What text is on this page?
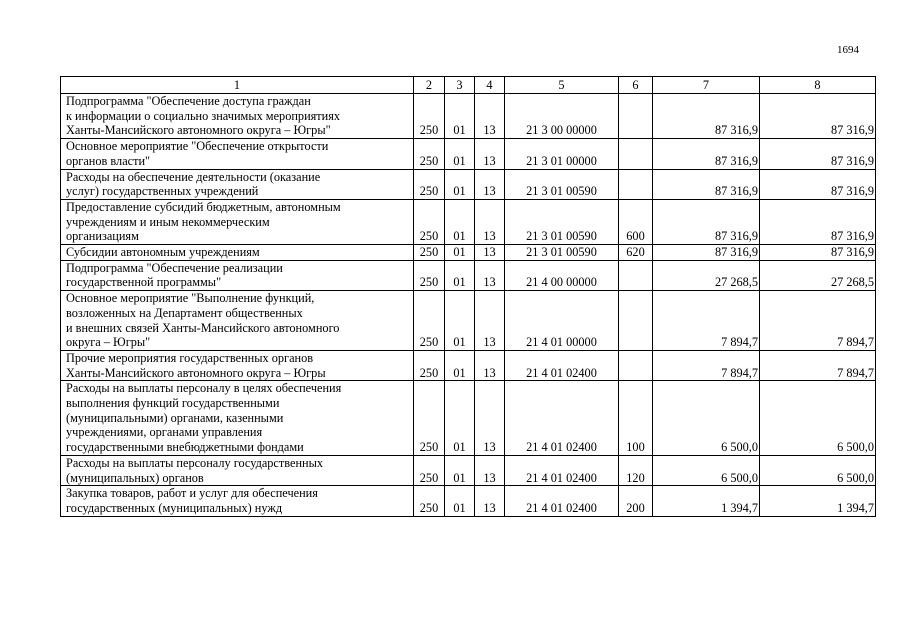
1694
1	2	3	4	5	6	7	8
Подпрограмма "Обеспечение доступа граждан
к информации о социально значимых мероприятиях
Ханты-Мансийского автономного округа – Югры"	250	01	13	21 3 00 00000		87 316,9	87 316,9
Основное мероприятие "Обеспечение открытости
органов власти"	250	01	13	21 3 01 00000		87 316,9	87 316,9
Расходы на обеспечение деятельности (оказание
услуг) государственных учреждений	250	01	13	21 3 01 00590		87 316,9	87 316,9
Предоставление субсидий бюджетным, автономным
учреждениям и иным некоммерческим
организациям	250	01	13	21 3 01 00590	600	87 316,9	87 316,9
Субсидии автономным учреждениям	250	01	13	21 3 01 00590	620	87 316,9	87 316,9
Подпрограмма "Обеспечение реализации
государственной программы"	250	01	13	21 4 00 00000		27 268,5	27 268,5
Основное мероприятие "Выполнение функций,
возложенных на Департамент общественных
и внешних связей Ханты-Мансийского автономного
округа – Югры"	250	01	13	21 4 01 00000		7 894,7	7 894,7
Прочие мероприятия государственных органов
Ханты-Мансийского автономного округа – Югры	250	01	13	21 4 01 02400		7 894,7	7 894,7
Расходы на выплаты персоналу в целях обеспечения
выполнения функций государственными
(муниципальными) органами, казенными
учреждениями, органами управления
государственными внебюджетными фондами	250	01	13	21 4 01 02400	100	6 500,0	6 500,0
Расходы на выплаты персоналу государственных
(муниципальных) органов	250	01	13	21 4 01 02400	120	6 500,0	6 500,0
Закупка товаров, работ и услуг для обеспечения
государственных (муниципальных) нужд	250	01	13	21 4 01 02400	200	1 394,7	1 394,7
